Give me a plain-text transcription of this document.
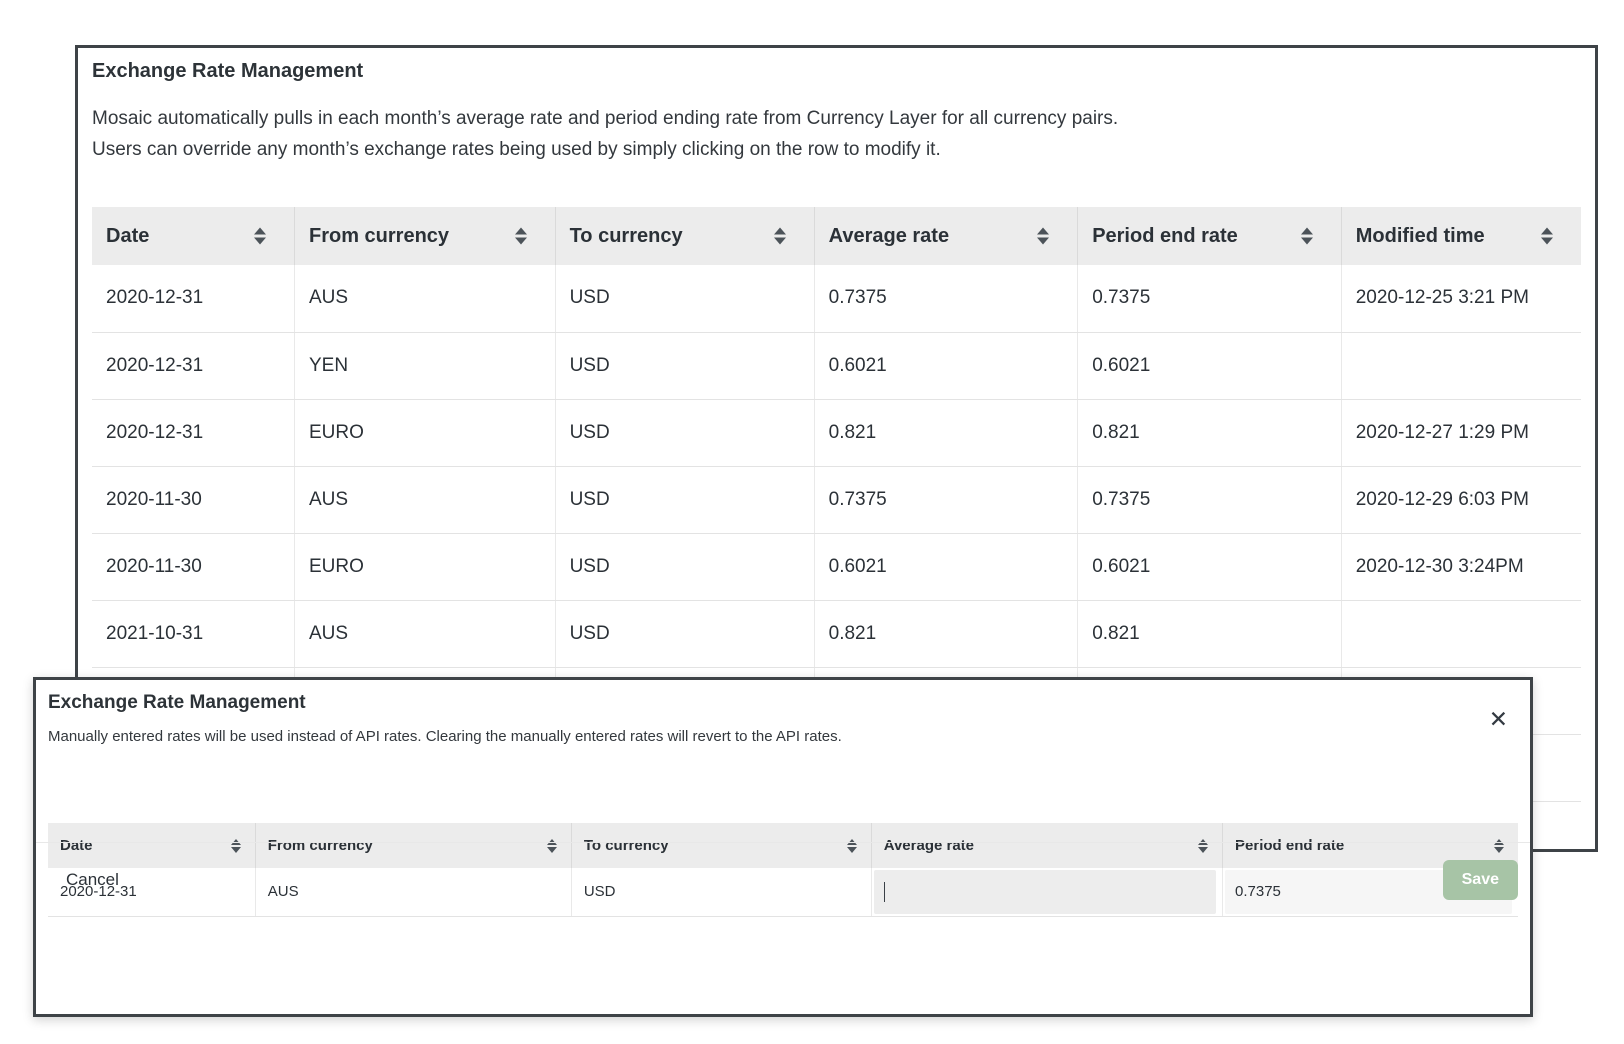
Exchange Rate Management
Mosaic automatically pulls in each month’s average rate and period ending rate from Currency Layer for all currency pairs.
Users can override any month’s exchange rates being used by simply clicking on the row to modify it.
Date	From currency	To currency	Average rate	Period end rate	Modified time

2020-12-31	AUS	USD	0.7375	0.7375	2020-12-25 3:21 PM
2020-12-31	YEN	USD	0.6021	0.6021	
2020-12-31	EURO	USD	0.821	0.821	2020-12-27 1:29 PM
2020-11-30	AUS	USD	0.7375	0.7375	2020-12-29 6:03 PM
2020-11-30	EURO	USD	0.6021	0.6021	2020-12-30 3:24PM
2021-10-31	AUS	USD	0.821	0.821	

Exchange Rate Management
✕
Manually entered rates will be used instead of API rates. Clearing the manually entered rates will revert to the API rates.
Date	From currency	To currency	Average rate	Period end rate

2020-12-31	AUS	USD		0.7375
Cancel	Save
